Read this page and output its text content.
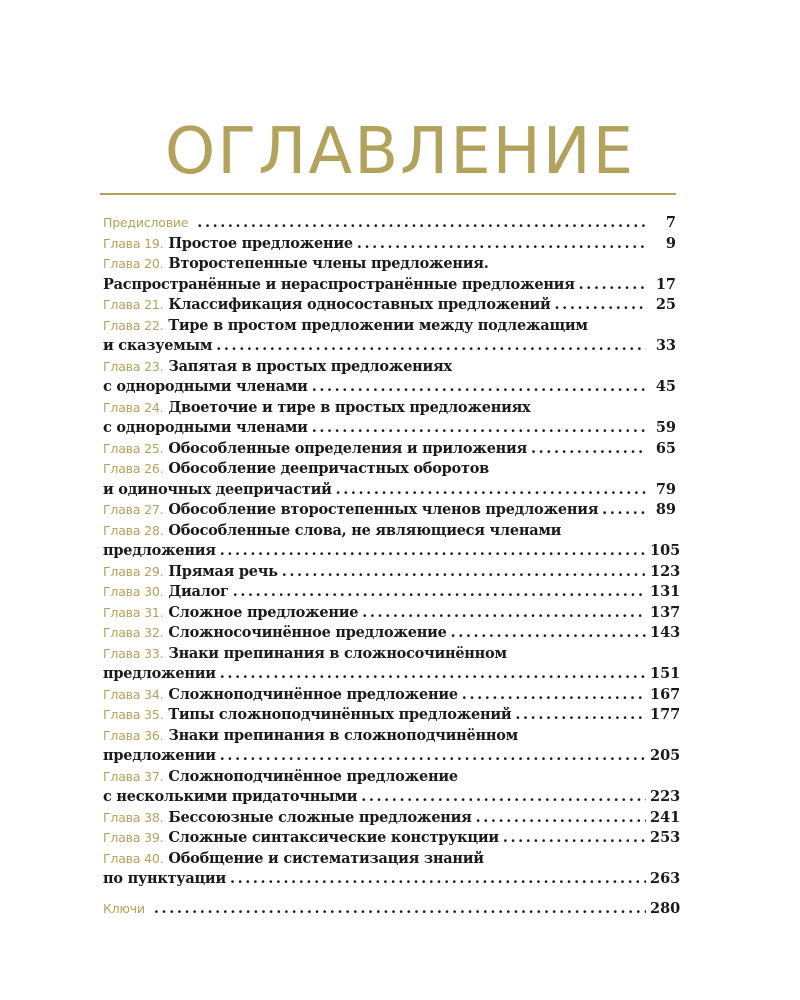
ОГЛАВЛЕНИЕ
Предисловие .....	7
Глава 19. Простое предложение .....	9
Глава 20. Второстепенные члены предложения.
Распространённые и нераспространённые предложения .....	17
Глава 21. Классификация односоставных предложений .....	25
Глава 22. Тире в простом предложении между подлежащим
и сказуемым .....	33
Глава 23. Запятая в простых предложениях
с однородными членами .....	45
Глава 24. Двоеточие и тире в простых предложениях
с однородными членами .....	59
Глава 25. Обособленные определения и приложения .....	65
Глава 26. Обособление деепричастных оборотов
и одиночных деепричастий .....	79
Глава 27. Обособление второстепенных членов предложения .....	89
Глава 28. Обособленные слова, не являющиеся членами
предложения .....	105
Глава 29. Прямая речь .....	123
Глава 30. Диалог .....	131
Глава 31. Сложное предложение .....	137
Глава 32. Сложносочинённое предложение .....	143
Глава 33. Знаки препинания в сложносочинённом
предложении .....	151
Глава 34. Сложноподчинённое предложение .....	167
Глава 35. Типы сложноподчинённых предложений .....	177
Глава 36. Знаки препинания в сложноподчинённом
предложении .....	205
Глава 37. Сложноподчинённое предложение
с несколькими придаточными .....	223
Глава 38. Бессоюзные сложные предложения .....	241
Глава 39. Сложные синтаксические конструкции .....	253
Глава 40. Обобщение и систематизация знаний
по пунктуации .....	263
Ключи .....	280
